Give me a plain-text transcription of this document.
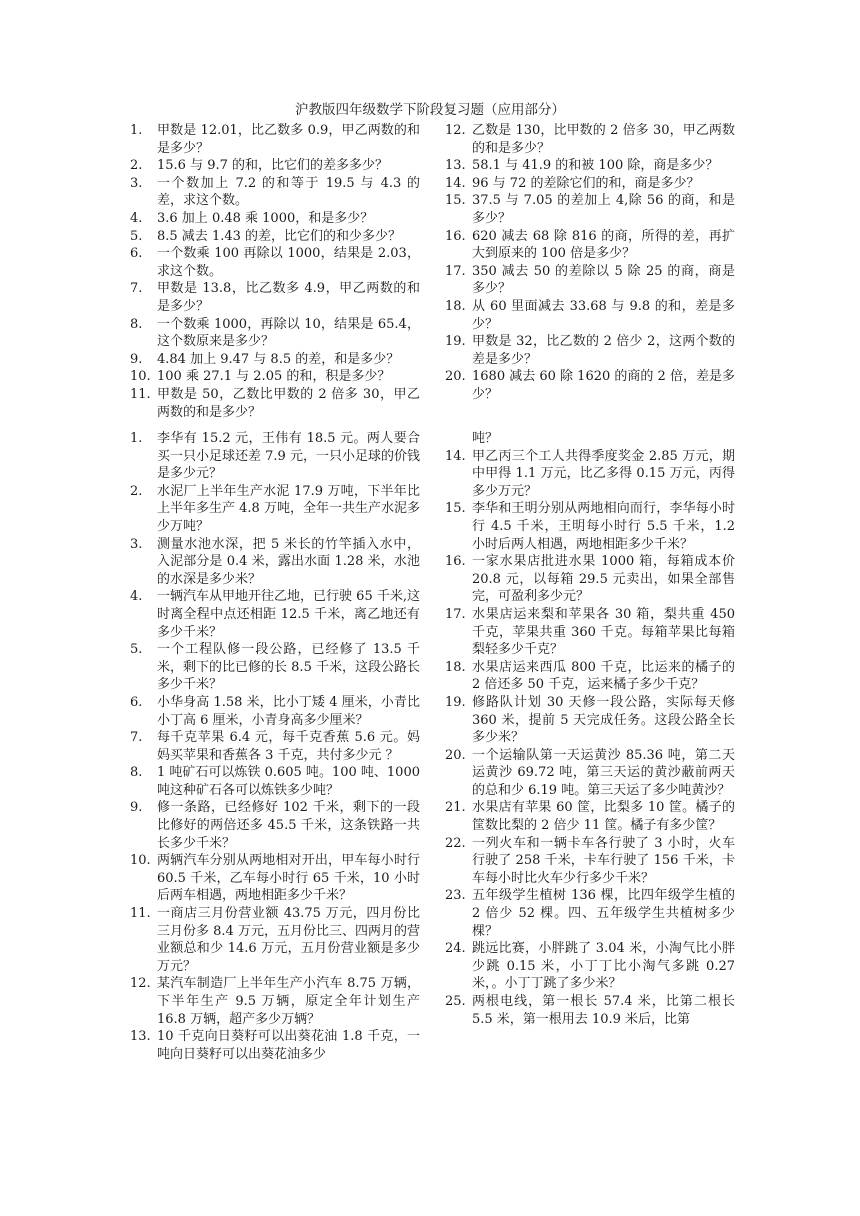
沪教版四年级数学下阶段复习题（应用部分）
1.	甲数是 12.01，比乙数多 0.9，甲乙两数的和是多少？
2.	15.6 与 9.7 的和，比它们的差多多少？
3.	一个数加上 7.2 的和等于 19.5 与 4.3 的差，求这个数。
4.	3.6 加上 0.48 乘 1000，和是多少？
5.	8.5 减去 1.43 的差，比它们的和少多少？
6.	一个数乘 100 再除以 1000，结果是 2.03，求这个数。
7.	甲数是 13.8，比乙数多 4.9，甲乙两数的和是多少？
8.	一个数乘 1000，再除以 10，结果是 65.4，这个数原来是多少？
9.	4.84 加上 9.47 与 8.5 的差，和是多少？
10. 100 乘 27.1 与 2.05 的和，积是多少？
11. 甲数是 50，乙数比甲数的 2 倍多 30，甲乙两数的和是多少？
12. 乙数是 130，比甲数的 2 倍多 30，甲乙两数的和是多少？
13. 58.1 与 41.9 的和被 100 除，商是多少？
14. 96 与 72 的差除它们的和，商是多少？
15. 37.5 与 7.05 的差加上 4,除 56 的商，和是多少？
16. 620 减去 68 除 816 的商，所得的差，再扩大到原来的 100 倍是多少？
17. 350 减去 50 的差除以 5 除 25 的商，商是多少？
18. 从 60 里面减去 33.68 与 9.8 的和，差是多少？
19. 甲数是 32，比乙数的 2 倍少 2，这两个数的差是多少？
20. 1680 减去 60 除 1620 的商的 2 倍，差是多少？
1.	李华有 15.2 元，王伟有 18.5 元。两人要合买一只小足球还差 7.9 元，一只小足球的价钱是多少元？
2.	水泥厂上半年生产水泥 17.9 万吨，下半年比上半年多生产 4.8 万吨，全年一共生产水泥多少万吨？
3.	测量水池水深，把 5 米长的竹竿插入水中，入泥部分是 0.4 米，露出水面 1.28 米，水池的水深是多少米？
4.	一辆汽车从甲地开往乙地，已行驶 65 千米,这时离全程中点还相距 12.5 千米，离乙地还有多少千米？
5.	一个工程队修一段公路，已经修了 13.5 千米，剩下的比已修的长 8.5 千米，这段公路长多少千米？
6.	小华身高 1.58 米，比小丁矮 4 厘米，小青比小丁高 6 厘米，小青身高多少厘米？
7.	每千克苹果 6.4 元，每千克香蕉 5.6 元。妈妈买苹果和香蕉各 3 千克，共付多少元 ？
8.	1 吨矿石可以炼铁 0.605 吨。100 吨、1000 吨这种矿石各可以炼铁多少吨？
9.	修一条路，已经修好 102 千米，剩下的一段比修好的两倍还多 45.5 千米，这条铁路一共长多少千米？
10. 两辆汽车分别从两地相对开出，甲车每小时行 60.5 千米，乙车每小时行 65 千米，10 小时后两车相遇，两地相距多少千米？
11. 一商店三月份营业额 43.75 万元，四月份比三月份多 8.4 万元，五月份比三、四两月的营业额总和少 14.6 万元，五月份营业额是多少万元？
12. 某汽车制造厂上半年生产小汽车 8.75 万辆，下半年生产 9.5 万辆，原定全年计划生产 16.8 万辆，超产多少万辆？
13. 10 千克向日葵籽可以出葵花油 1.8 千克，一吨向日葵籽可以出葵花油多少
吨？
14. 甲乙丙三个工人共得季度奖金 2.85 万元，期中甲得 1.1 万元，比乙多得 0.15 万元，丙得多少万元？
15. 李华和王明分别从两地相向而行，李华每小时行 4.5 千米，王明每小时行 5.5 千米，1.2 小时后两人相遇，两地相距多少千米？
16. 一家水果店批进水果 1000 箱，每箱成本价 20.8 元，以每箱 29.5 元卖出，如果全部售完，可盈利多少元？
17. 水果店运来梨和苹果各 30 箱，梨共重 450 千克，苹果共重 360 千克。每箱苹果比每箱梨轻多少千克？
18. 水果店运来西瓜 800 千克，比运来的橘子的 2 倍还多 50 千克，运来橘子多少千克？
19. 修路队计划 30 天修一段公路，实际每天修 360 米，提前 5 天完成任务。这段公路全长多少米？
20. 一个运输队第一天运黄沙 85.36 吨，第二天运黄沙 69.72 吨，第三天运的黄沙蔽前两天的总和少 6.19 吨。第三天运了多少吨黄沙？
21. 水果店有苹果 60 筐，比梨多 10 筐。橘子的筐数比梨的 2 倍少 11 筐。橘子有多少筐？
22. 一列火车和一辆卡车各行驶了 3 小时，火车行驶了 258 千米，卡车行驶了 156 千米，卡车每小时比火车少行多少千米？
23. 五年级学生植树 136 棵，比四年级学生植的 2 倍少 52 棵。四、五年级学生共植树多少棵？
24. 跳远比赛，小胖跳了 3.04 米，小淘气比小胖少跳 0.15 米，小丁丁比小淘气多跳 0.27 米，。小丁丁跳了多少米？
25. 两根电线，第一根长 57.4 米，比第二根长 5.5 米，第一根用去 10.9 米后，比第
